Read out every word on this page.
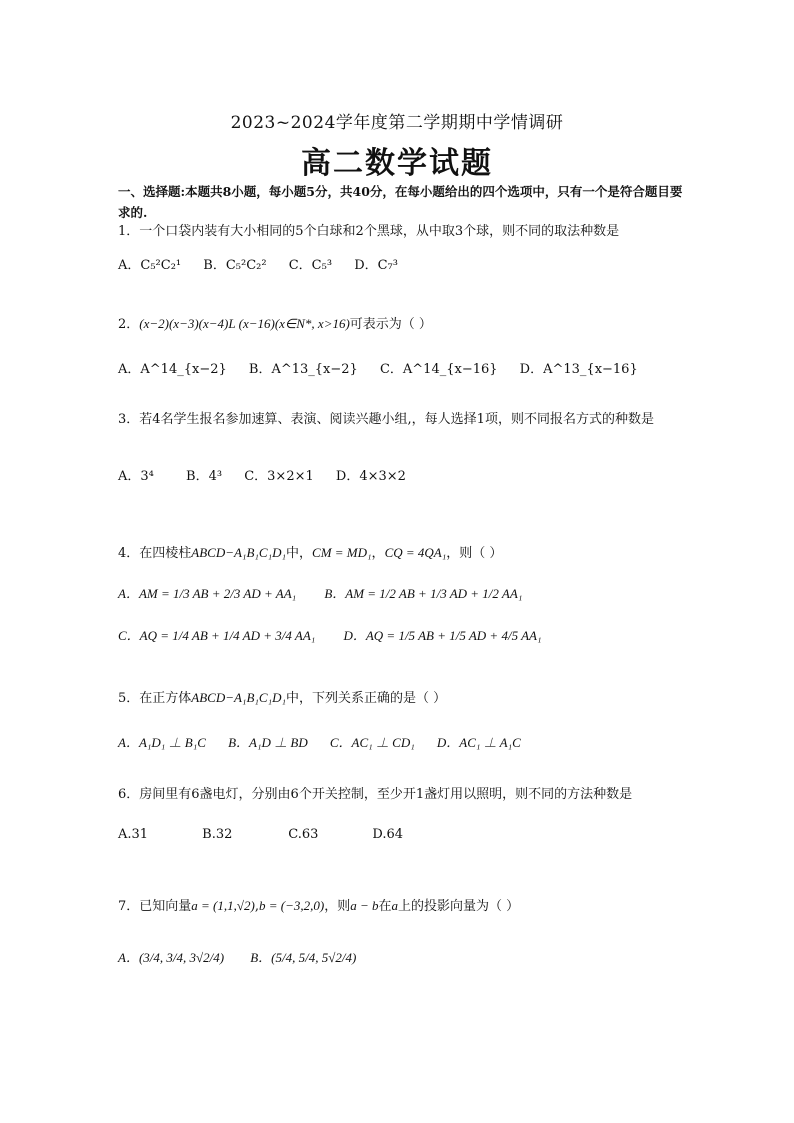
2023~2024学年度第二学期期中学情调研
高二数学试题
一、选择题:本题共8小题，每小题5分，共40分，在每小题给出的四个选项中，只有一个是符合题目要求的.
1．一个口袋内装有大小相同的5个白球和2个黑球，从中取3个球，则不同的取法种数是
A．C₅²C₂¹ B．C₅²C₂² C．C₅³ D．C₇³
2．(x−2)(x−3)(x−4)L (x−16)(x∈N*, x>16)可表示为（ ）
A．A^14_{x−2} B．A^13_{x−2} C．A^14_{x−16} D．A^13_{x−16}
3．若4名学生报名参加速算、表演、阅读兴趣小组,，每人选择1项，则不同报名方式的种数是
A．3⁴ B．4³ C．3×2×1 D．4×3×2
4．在四棱柱ABCD−A₁B₁C₁D₁中，CM = MD₁，CQ = 4QA₁，则（ ）
A．AM = 1/3 AB + 2/3 AD + AA₁ B．AM = 1/2 AB + 1/3 AD + 1/2 AA₁
C．AQ = 1/4 AB + 1/4 AD + 3/4 AA₁ D．AQ = 1/5 AB + 1/5 AD + 4/5 AA₁
5．在正方体ABCD−A₁B₁C₁D₁中，下列关系正确的是（ ）
A．A₁D₁ ⊥ B₁C B．A₁D ⊥ BD C．AC₁ ⊥ CD₁ D．AC₁ ⊥ A₁C
6．房间里有6盏电灯，分别由6个开关控制，至少开1盏灯用以照明，则不同的方法种数是
A.31	B.32	C.63	D.64
7．已知向量a = (1,1,√2),b = (−3,2,0)，则a − b在a上的投影向量为（ ）
A．(3/4, 3/4, 3√2/4) B．(5/4, 5/4, 5√2/4)
